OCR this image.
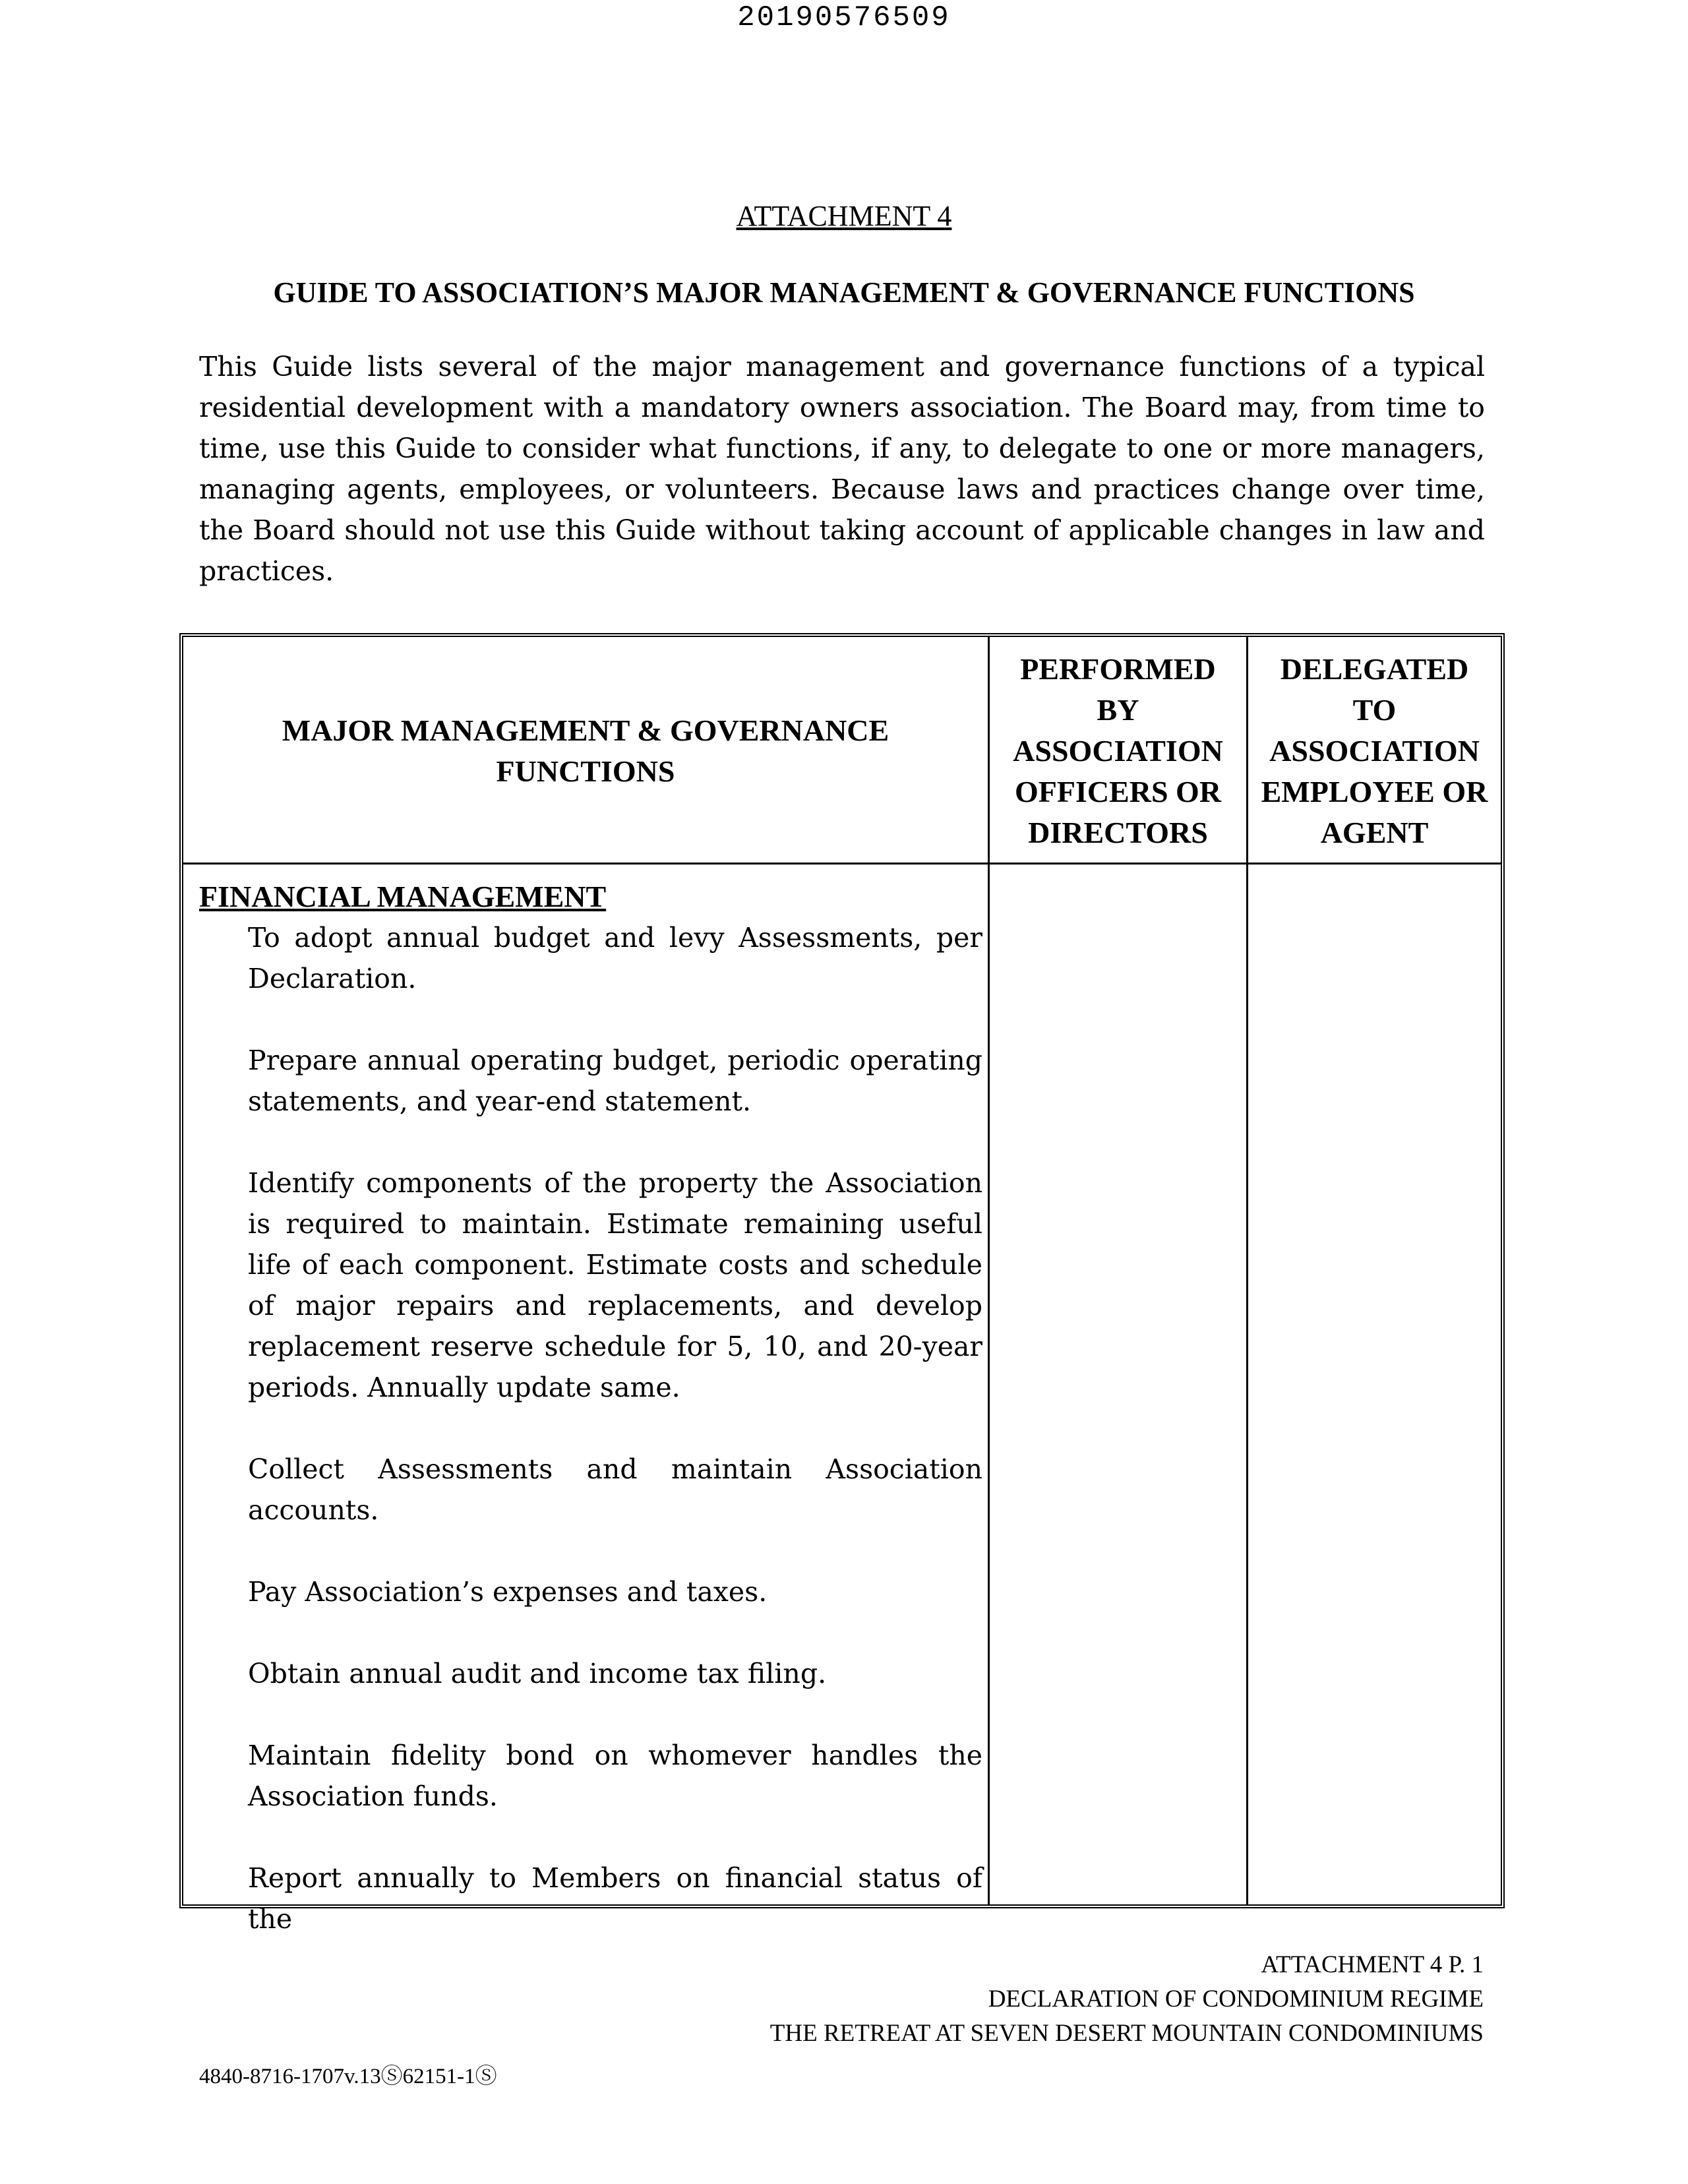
20190576509
ATTACHMENT 4
GUIDE TO ASSOCIATION’S MAJOR MANAGEMENT & GOVERNANCE FUNCTIONS
This Guide lists several of the major management and governance functions of a typical residential development with a mandatory owners association. The Board may, from time to time, use this Guide to consider what functions, if any, to delegate to one or more managers, managing agents, employees, or volunteers. Because laws and practices change over time, the Board should not use this Guide without taking account of applicable changes in law and practices.
MAJOR MANAGEMENT & GOVERNANCE FUNCTIONS
PERFORMED BY ASSOCIATION OFFICERS OR DIRECTORS
DELEGATED TO ASSOCIATION EMPLOYEE OR AGENT
FINANCIAL MANAGEMENT
To adopt annual budget and levy Assessments, per Declaration.
Prepare annual operating budget, periodic operating statements, and year-end statement.
Identify components of the property the Association is required to maintain. Estimate remaining useful life of each component. Estimate costs and schedule of major repairs and replacements, and develop replacement reserve schedule for 5, 10, and 20-year periods. Annually update same.
Collect Assessments and maintain Association accounts.
Pay Association’s expenses and taxes.
Obtain annual audit and income tax filing.
Maintain fidelity bond on whomever handles the Association funds.
Report annually to Members on financial status of the
ATTACHMENT 4 P. 1
DECLARATION OF CONDOMINIUM REGIME
THE RETREAT AT SEVEN DESERT MOUNTAIN CONDOMINIUMS
4840-8716-1707v.13Ⓢ62151-1Ⓢ
